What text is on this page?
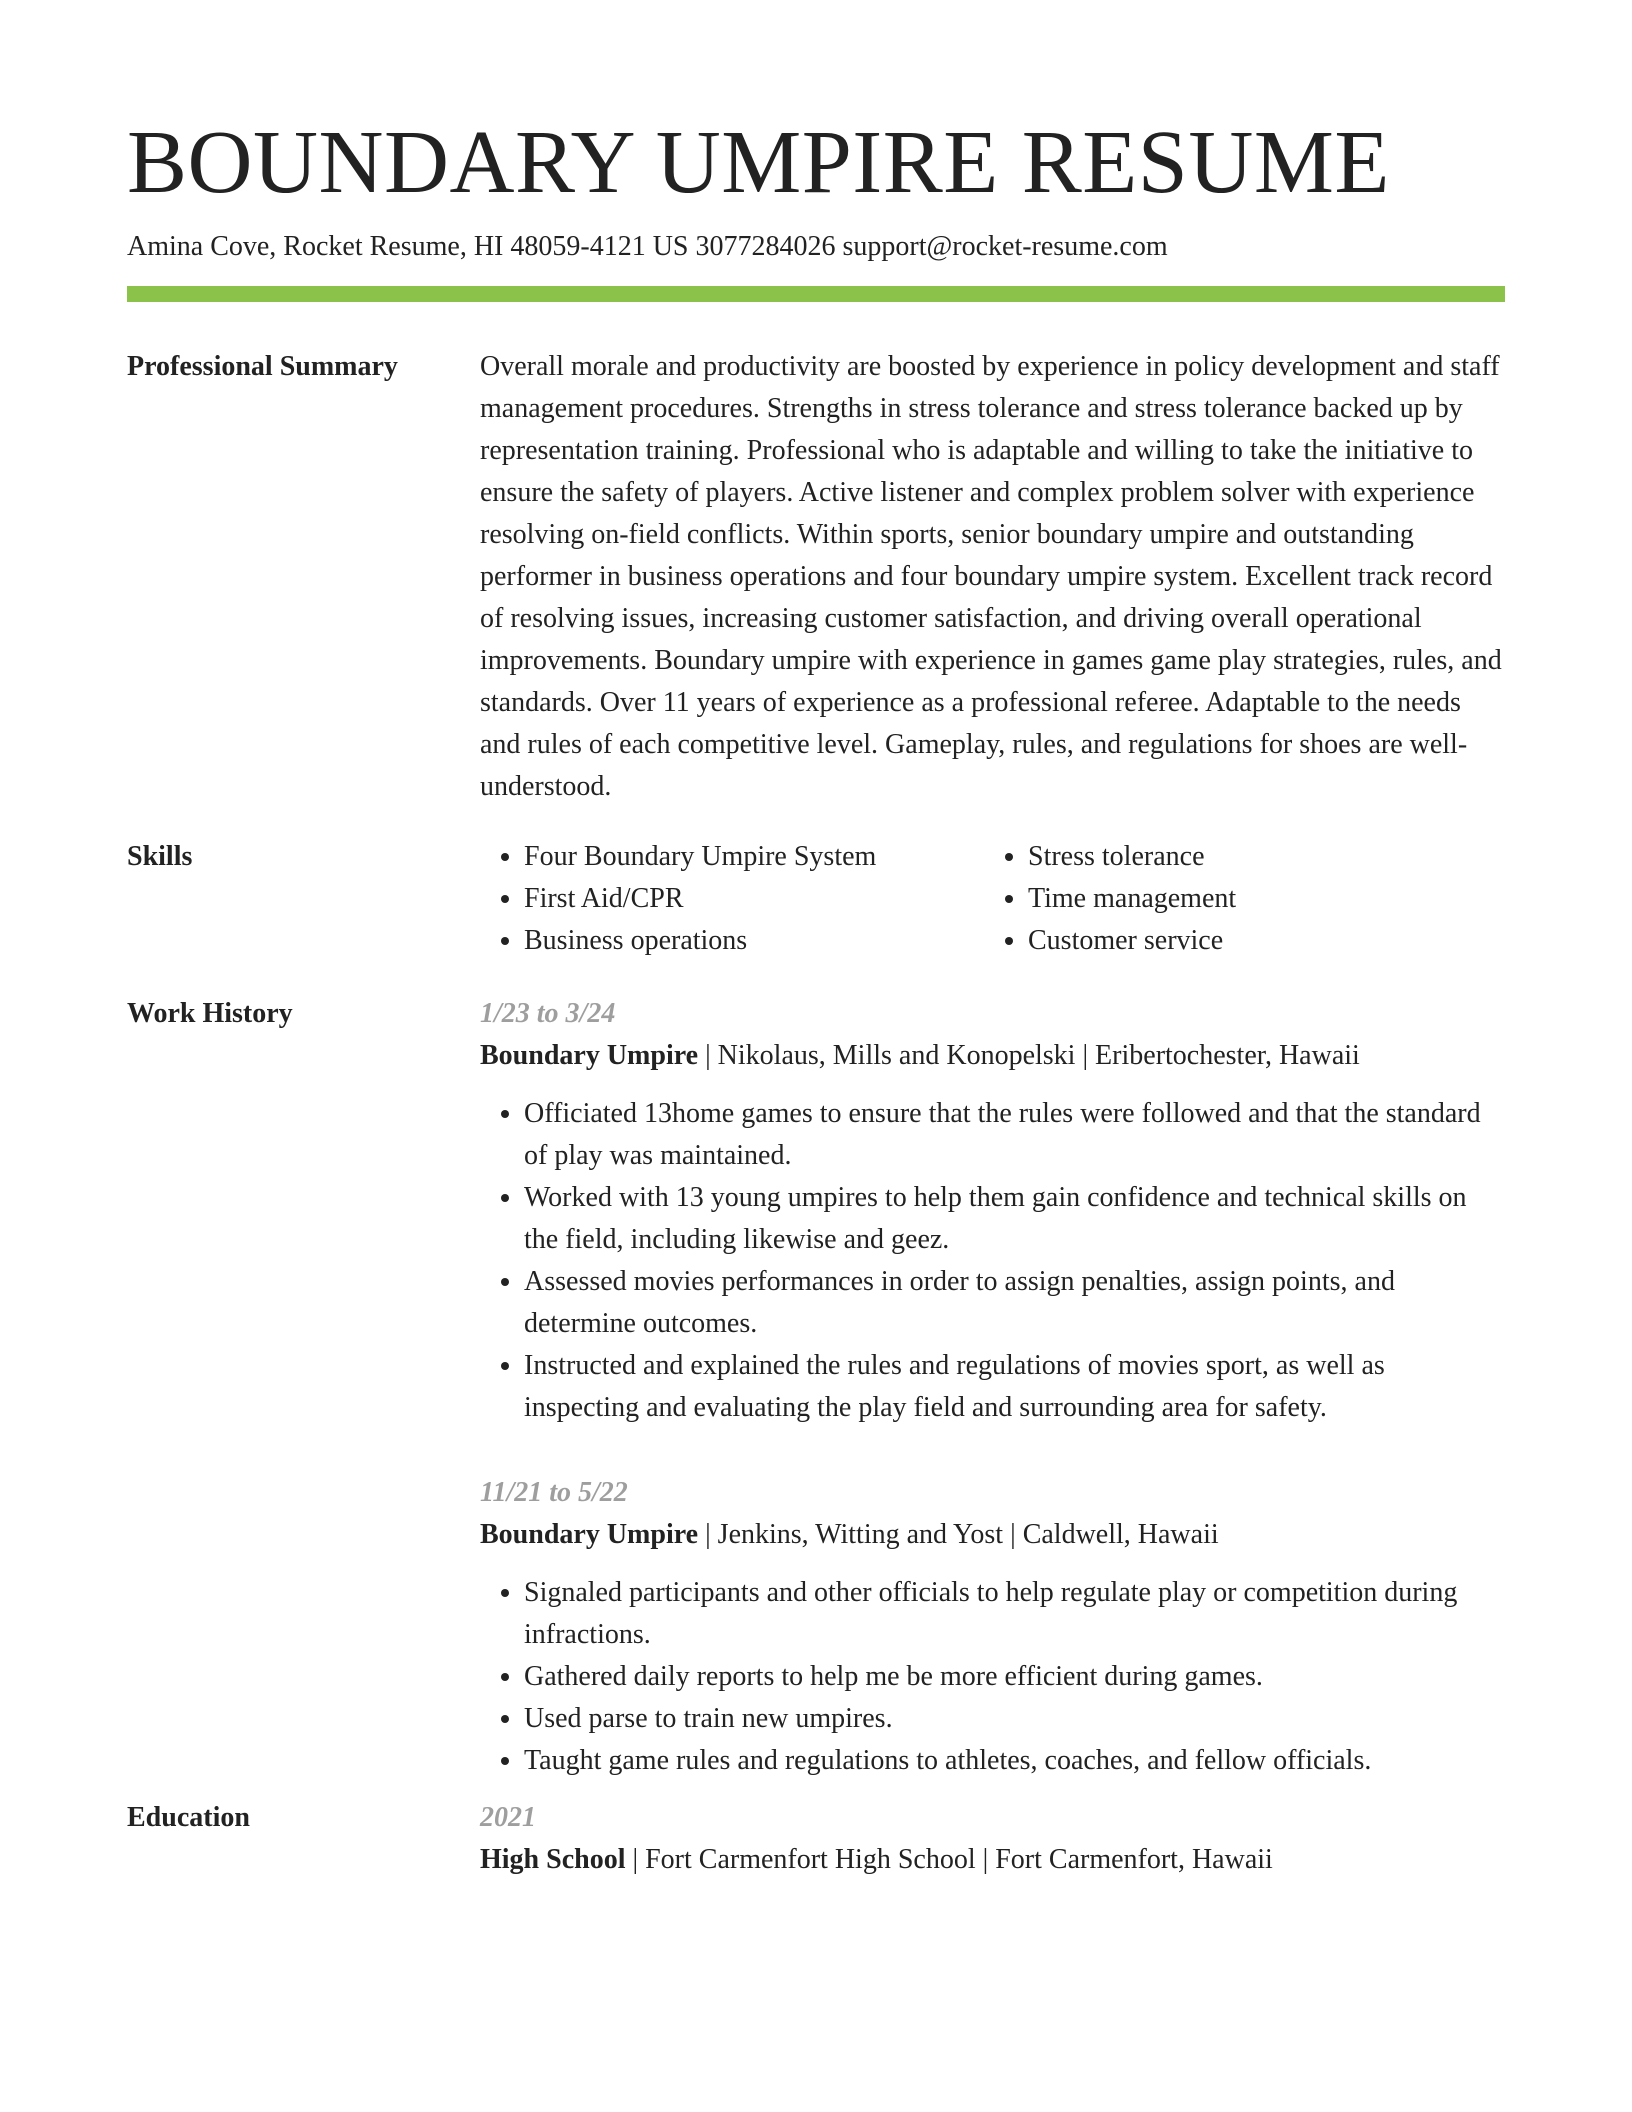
BOUNDARY UMPIRE RESUME
Amina Cove, Rocket Resume, HI 48059-4121 US 3077284026 support@rocket-resume.com
Professional Summary	Overall morale and productivity are boosted by experience in policy development and staff management procedures. Strengths in stress tolerance and stress tolerance backed up by representation training. Professional who is adaptable and willing to take the initiative to ensure the safety of players. Active listener and complex problem solver with experience resolving on-field conflicts. Within sports, senior boundary umpire and outstanding performer in business operations and four boundary umpire system. Excellent track record of resolving issues, increasing customer satisfaction, and driving overall operational improvements. Boundary umpire with experience in games game play strategies, rules, and standards. Over 11 years of experience as a professional referee. Adaptable to the needs and rules of each competitive level. Gameplay, rules, and regulations for shoes are well-understood.

Skills
•	Four Boundary Umpire System
• First Aid/CPR
• Business operations
• Stress tolerance
• Time management
• Customer service
Work History	1/23 to 3/24
Boundary Umpire | Nikolaus, Mills and Konopelski | Eribertochester, Hawaii
• Officiated 13home games to ensure that the rules were followed and that the standard of play was maintained.
• Worked with 13 young umpires to help them gain confidence and technical skills on the field, including likewise and geez.
• Assessed movies performances in order to assign penalties, assign points, and determine outcomes.
• Instructed and explained the rules and regulations of movies sport, as well as inspecting and evaluating the play field and surrounding area for safety.
11/21 to 5/22
Boundary Umpire | Jenkins, Witting and Yost | Caldwell, Hawaii
• Signaled participants and other officials to help regulate play or competition during infractions.
• Gathered daily reports to help me be more efficient during games.
• Used parse to train new umpires.
• Taught game rules and regulations to athletes, coaches, and fellow officials.
Education	2021
High School | Fort Carmenfort High School | Fort Carmenfort, Hawaii
